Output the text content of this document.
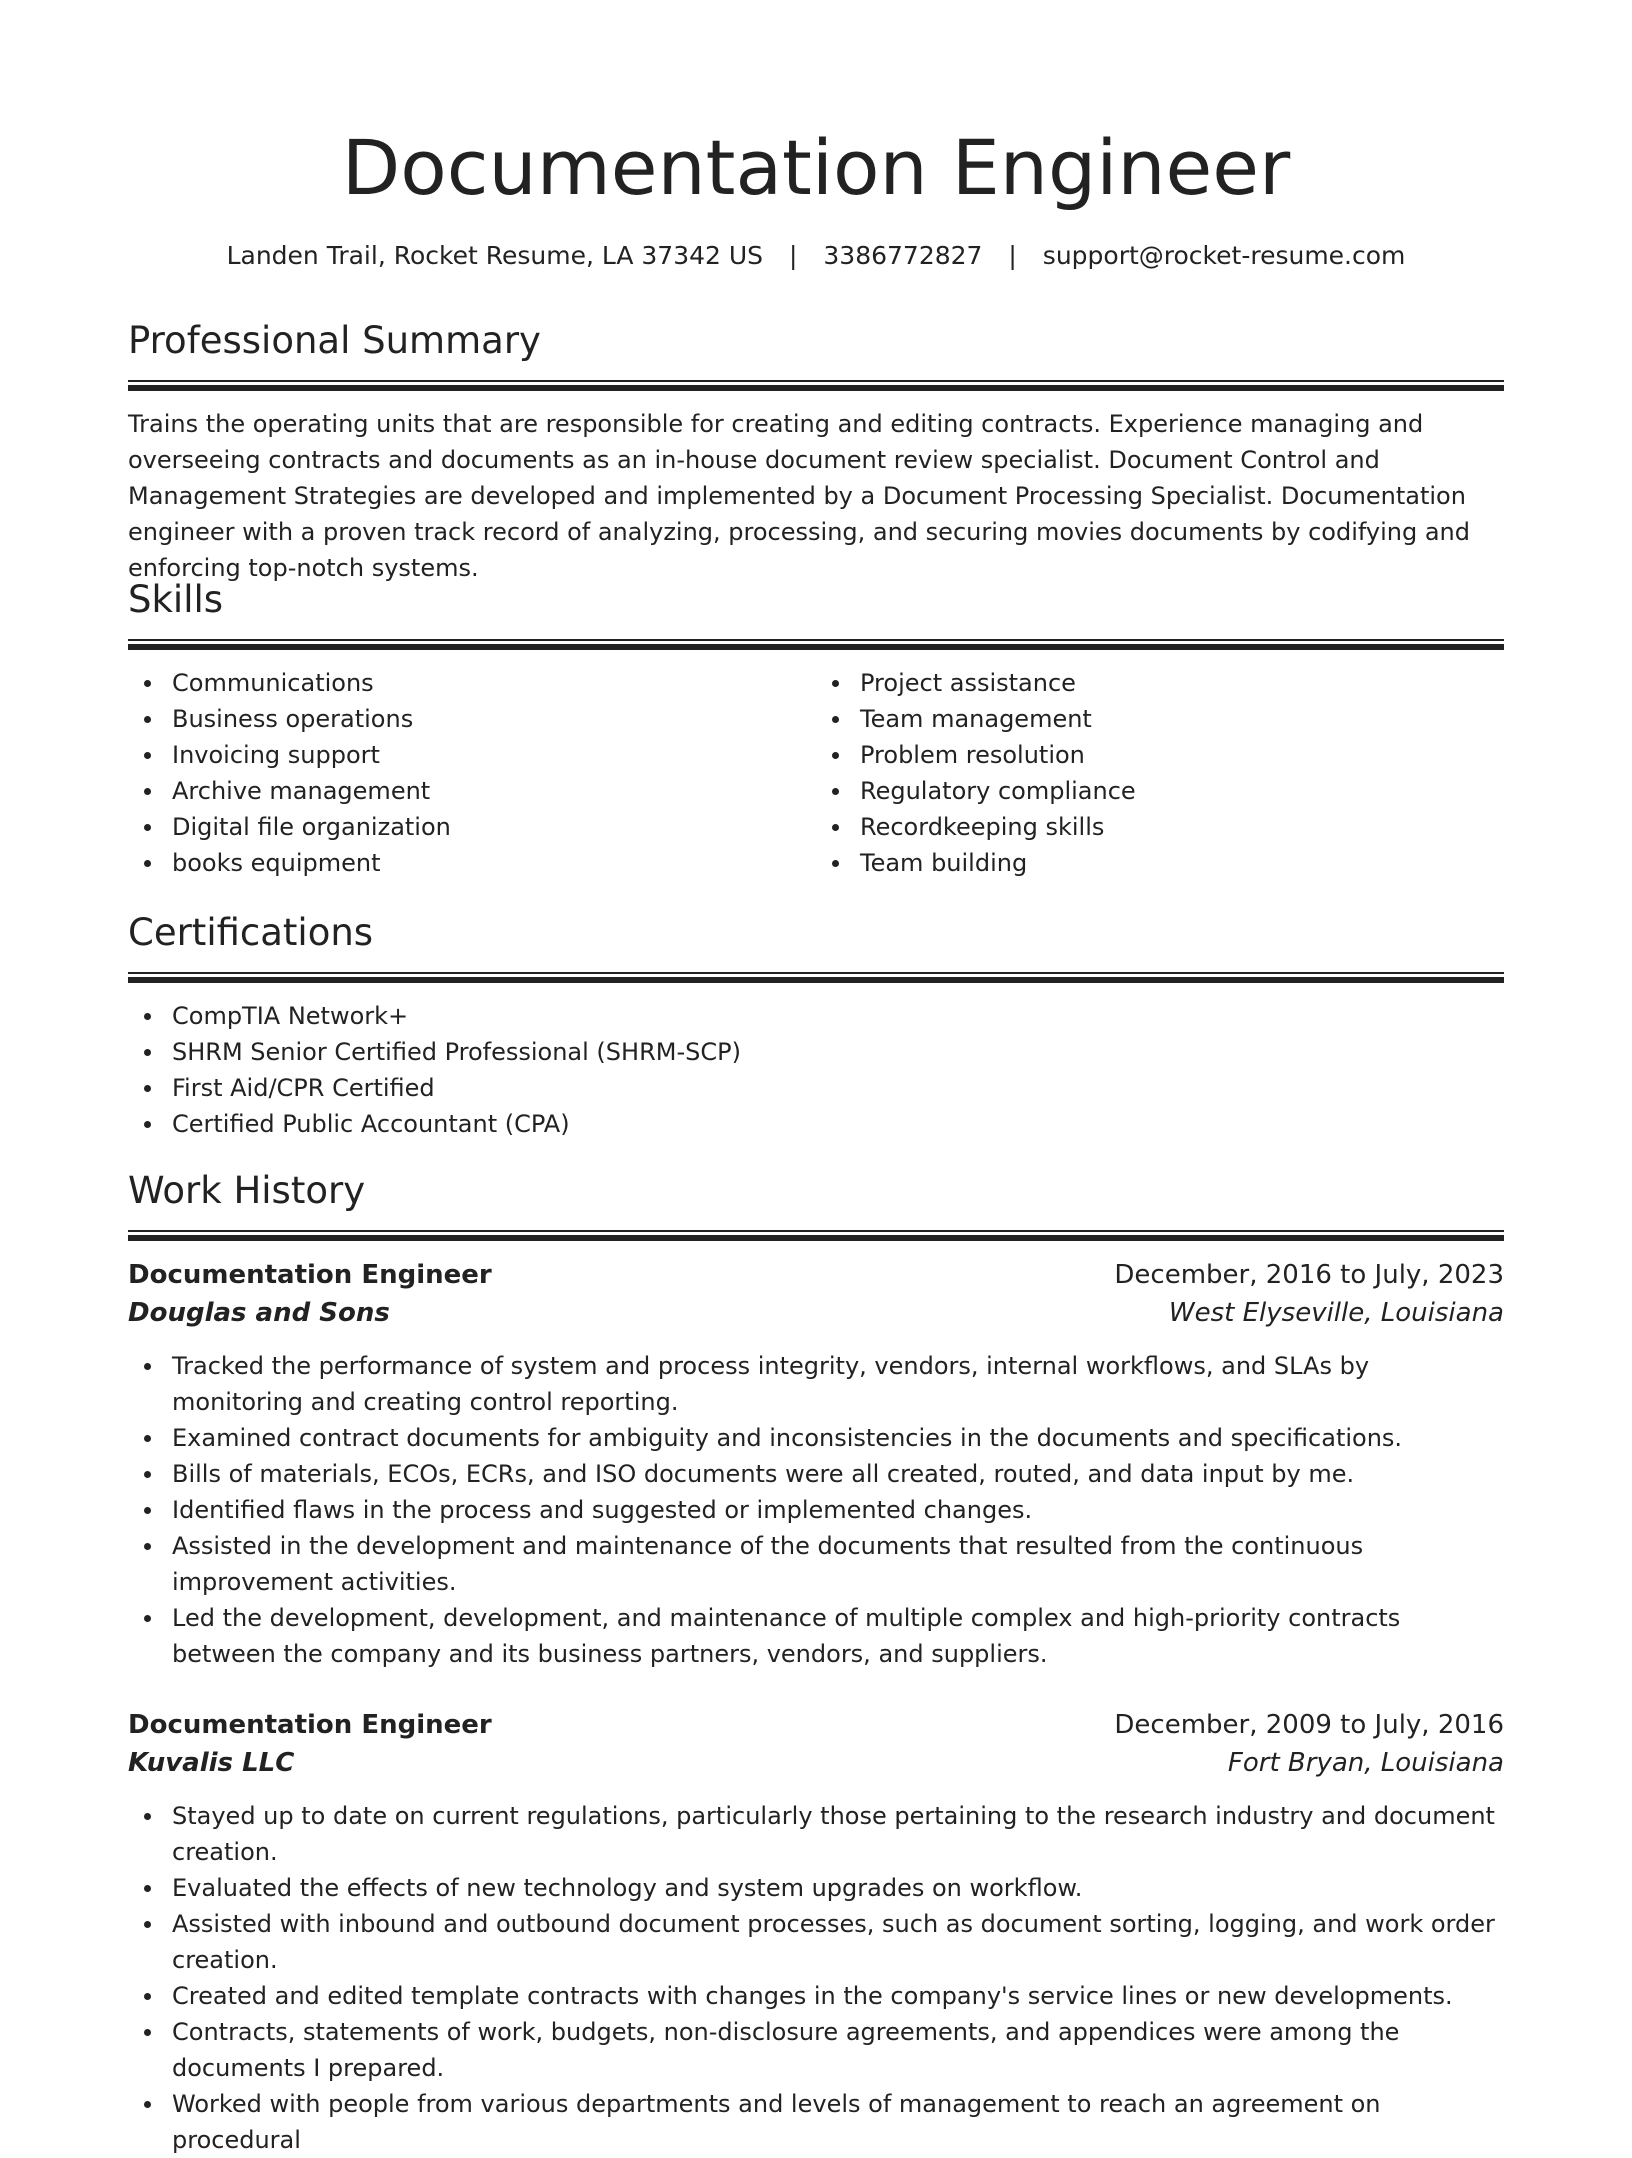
Documentation Engineer
Landen Trail, Rocket Resume, LA 37342 US | 3386772827 | support@rocket-resume.com
Professional Summary

Trains the operating units that are responsible for creating and editing contracts. Experience managing and overseeing contracts and documents as an in-house document review specialist. Document Control and Management Strategies are developed and implemented by a Document Processing Specialist. Documentation engineer with a proven track record of analyzing, processing, and securing movies documents by codifying and enforcing top-notch systems.

Skills
Communications
Business operations
Invoicing support
Archive management
Digital file organization
books equipment
Project assistance
Team management
Problem resolution
Regulatory compliance
Recordkeeping skills
Team building
Certifications
CompTIA Network+
SHRM Senior Certified Professional (SHRM-SCP)
First Aid/CPR Certified
Certified Public Accountant (CPA)
Work History
Documentation Engineer	December, 2016 to July, 2023
Douglas and Sons	West Elyseville, Louisiana
Tracked the performance of system and process integrity, vendors, internal workflows, and SLAs by monitoring and creating control reporting.
Examined contract documents for ambiguity and inconsistencies in the documents and specifications.
Bills of materials, ECOs, ECRs, and ISO documents were all created, routed, and data input by me.
Identified flaws in the process and suggested or implemented changes.
Assisted in the development and maintenance of the documents that resulted from the continuous improvement activities.
Led the development, development, and maintenance of multiple complex and high-priority contracts between the company and its business partners, vendors, and suppliers.
Documentation Engineer	December, 2009 to July, 2016
Kuvalis LLC	Fort Bryan, Louisiana
Stayed up to date on current regulations, particularly those pertaining to the research industry and document creation.
Evaluated the effects of new technology and system upgrades on workflow.
Assisted with inbound and outbound document processes, such as document sorting, logging, and work order creation.
Created and edited template contracts with changes in the company's service lines or new developments.
Contracts, statements of work, budgets, non-disclosure agreements, and appendices were among the documents I prepared.
Worked with people from various departments and levels of management to reach an agreement on procedural
